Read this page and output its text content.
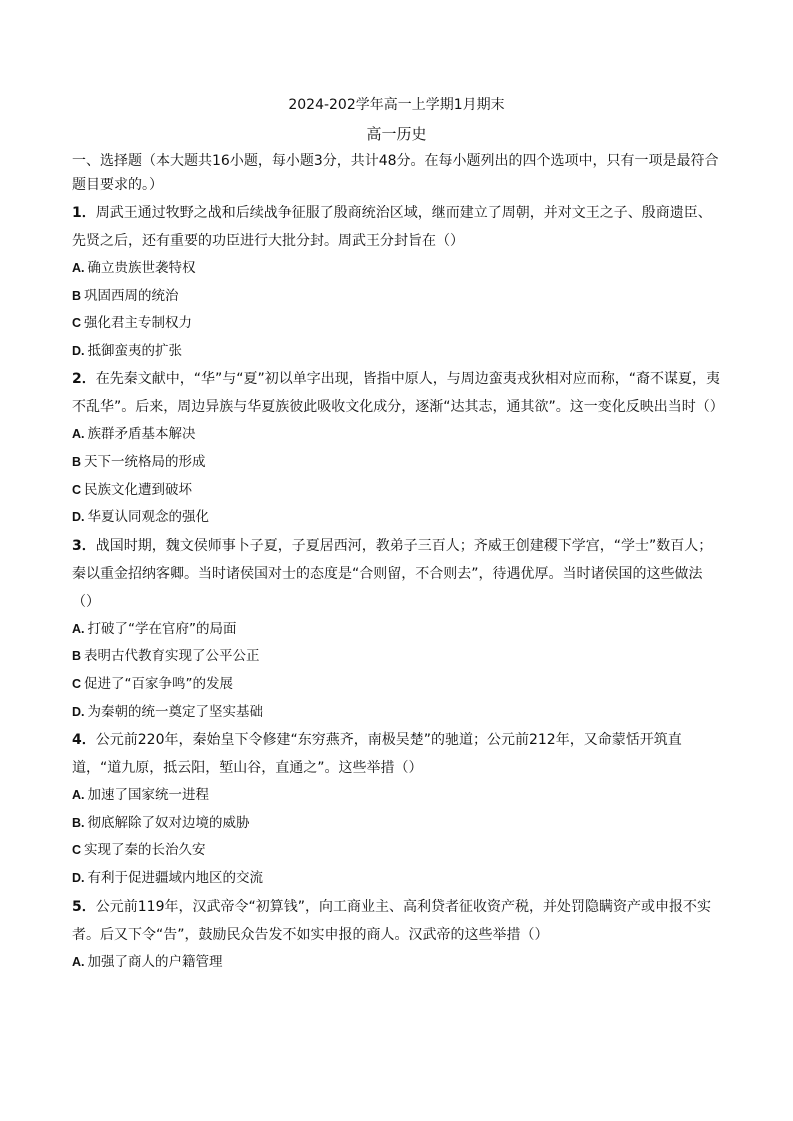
2024-202学年高一上学期1月期末

高一历史

一、选择题（本大题共16小题，每小题3分，共计48分。在每小题列出的四个选项中，只有一项是最符合题目要求的。）

1．周武王通过牧野之战和后续战争征服了殷商统治区域，继而建立了周朝，并对文王之子、殷商遗臣、先贤之后，还有重要的功臣进行大批分封。周武王分封旨在（）

A. 确立贵族世袭特权

B 巩固西周的统治

C 强化君主专制权力

D. 抵御蛮夷的扩张

2．在先秦文献中，“华”与“夏”初以单字出现，皆指中原人，与周边蛮夷戎狄相对应而称，“裔不谋夏，夷不乱华”。后来，周边异族与华夏族彼此吸收文化成分，逐渐“达其志，通其欲”。这一变化反映出当时（）

A. 族群矛盾基本解决

B 天下一统格局的形成

C 民族文化遭到破坏

D. 华夏认同观念的强化

3．战国时期，魏文侯师事卜子夏，子夏居西河，教弟子三百人；齐威王创建稷下学宫，“学士”数百人；秦以重金招纳客卿。当时诸侯国对士的态度是“合则留，不合则去”，待遇优厚。当时诸侯国的这些做法（）

A. 打破了“学在官府”的局面

B 表明古代教育实现了公平公正

C 促进了“百家争鸣”的发展

D. 为秦朝的统一奠定了坚实基础

4．公元前220年，秦始皇下令修建“东穷燕齐，南极吴楚”的驰道；公元前212年，又命蒙恬开筑直道，“道九原，抵云阳，堑山谷，直通之”。这些举措（）

A. 加速了国家统一进程

B. 彻底解除了奴对边境的威胁

C 实现了秦的长治久安

D. 有利于促进疆域内地区的交流

5．公元前119年，汉武帝令“初算钱”，向工商业主、高利贷者征收资产税，并处罚隐瞒资产或申报不实者。后又下令“告”，鼓励民众告发不如实申报的商人。汉武帝的这些举措（）

A. 加强了商人的户籍管理
